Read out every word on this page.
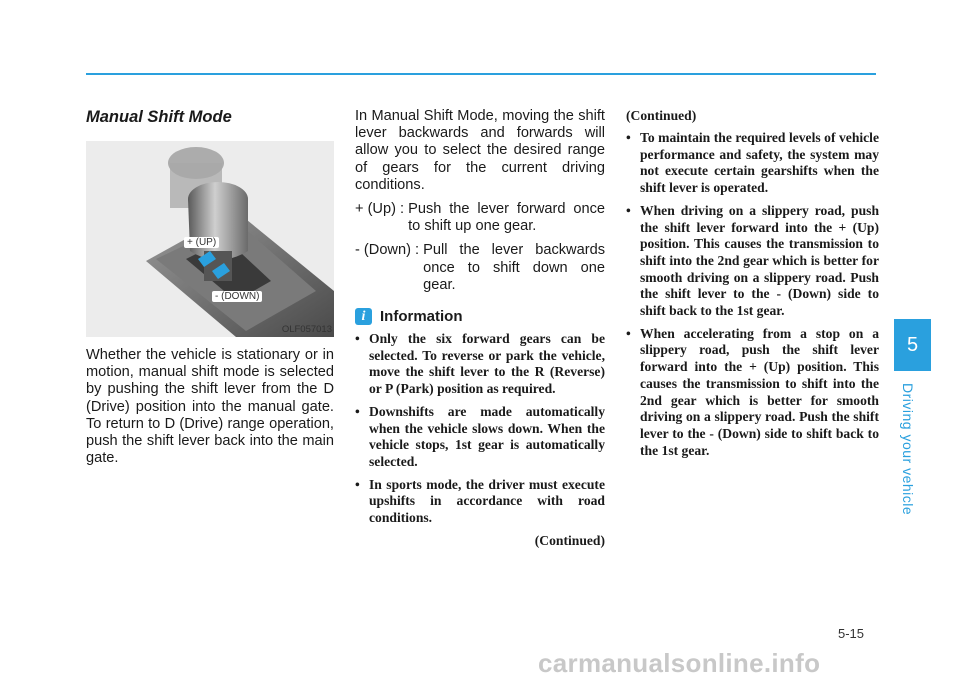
Manual Shift Mode
+ (UP)
- (DOWN)
OLF057013

Whether the vehicle is stationary or in motion, manual shift mode is selected by pushing the shift lever from the D (Drive) position into the manual gate. To return to D (Drive) range operation, push the shift lever back into the main gate.

In Manual Shift Mode, moving the shift lever backwards and forwards will allow you to select the desired range of gears for the current driving conditions.

+ (Up) : Push the lever forward once to shift up one gear.
- (Down) : Pull the lever backwards once to shift down one gear.
i Information
• Only the six forward gears can be selected. To reverse or park the vehicle, move the shift lever to the R (Reverse) or P (Park) position as required.
• Downshifts are made automatically when the vehicle slows down. When the vehicle stops, 1st gear is automatically selected.
• In sports mode, the driver must execute upshifts in accordance with road conditions.
(Continued)
(Continued)
• To maintain the required levels of vehicle performance and safety, the system may not execute certain gearshifts when the shift lever is operated.
• When driving on a slippery road, push the shift lever forward into the + (Up) position. This causes the transmission to shift into the 2nd gear which is better for smooth driving on a slippery road. Push the shift lever to the - (Down) side to shift back to the 1st gear.
• When accelerating from a stop on a slippery road, push the shift lever forward into the + (Up) position. This causes the transmission to shift into the 2nd gear which is better for smooth driving on a slippery road. Push the shift lever to the - (Down) side to shift back to the 1st gear.
5
Driving your vehicle
5-15
carmanualsonline.info
